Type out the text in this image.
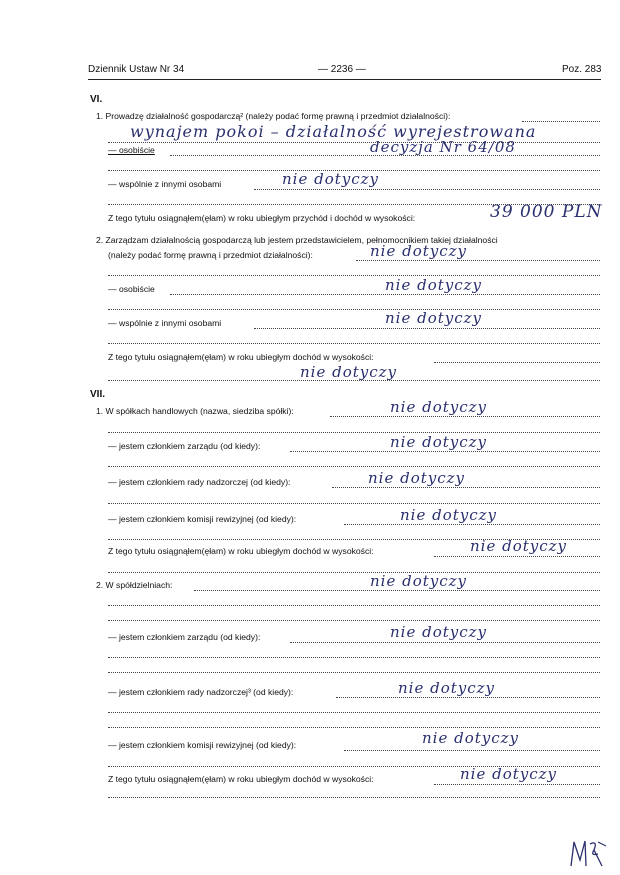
Dziennik Ustaw Nr 34	— 2236 —	Poz. 283
VI.
1. Prowadzę działalność gospodarczą² (należy podać formę prawną i przedmiot działalności):
wynajem pokoi – działalność wyrejestrowana
— osobiście	decyzja Nr 64/08
— wspólnie z innymi osobami	nie dotyczy
Z tego tytułu osiągnąłem(ęłam) w roku ubiegłym przychód i dochód w wysokości:	39 000 PLN
2. Zarządzam działalnością gospodarczą lub jestem przedstawicielem, pełnomocnikiem takiej działalności
(należy podać formę prawną i przedmiot działalności):	nie dotyczy
— osobiście	nie dotyczy
— wspólnie z innymi osobami	nie dotyczy
Z tego tytułu osiągnąłem(ęłam) w roku ubiegłym dochód w wysokości:
nie dotyczy
VII.
1. W spółkach handlowych (nazwa, siedziba spółki):	nie dotyczy
— jestem członkiem zarządu (od kiedy):	nie dotyczy
— jestem członkiem rady nadzorczej (od kiedy):	nie dotyczy
— jestem członkiem komisji rewizyjnej (od kiedy):	nie dotyczy
Z tego tytułu osiągnąłem(ęłam) w roku ubiegłym dochód w wysokości:	nie dotyczy
2. W spółdzielniach:	nie dotyczy
— jestem członkiem zarządu (od kiedy):	nie dotyczy
— jestem członkiem rady nadzorczej³ (od kiedy):	nie dotyczy
— jestem członkiem komisji rewizyjnej (od kiedy):	nie dotyczy
Z tego tytułu osiągnąłem(ęłam) w roku ubiegłym dochód w wysokości:	nie dotyczy
